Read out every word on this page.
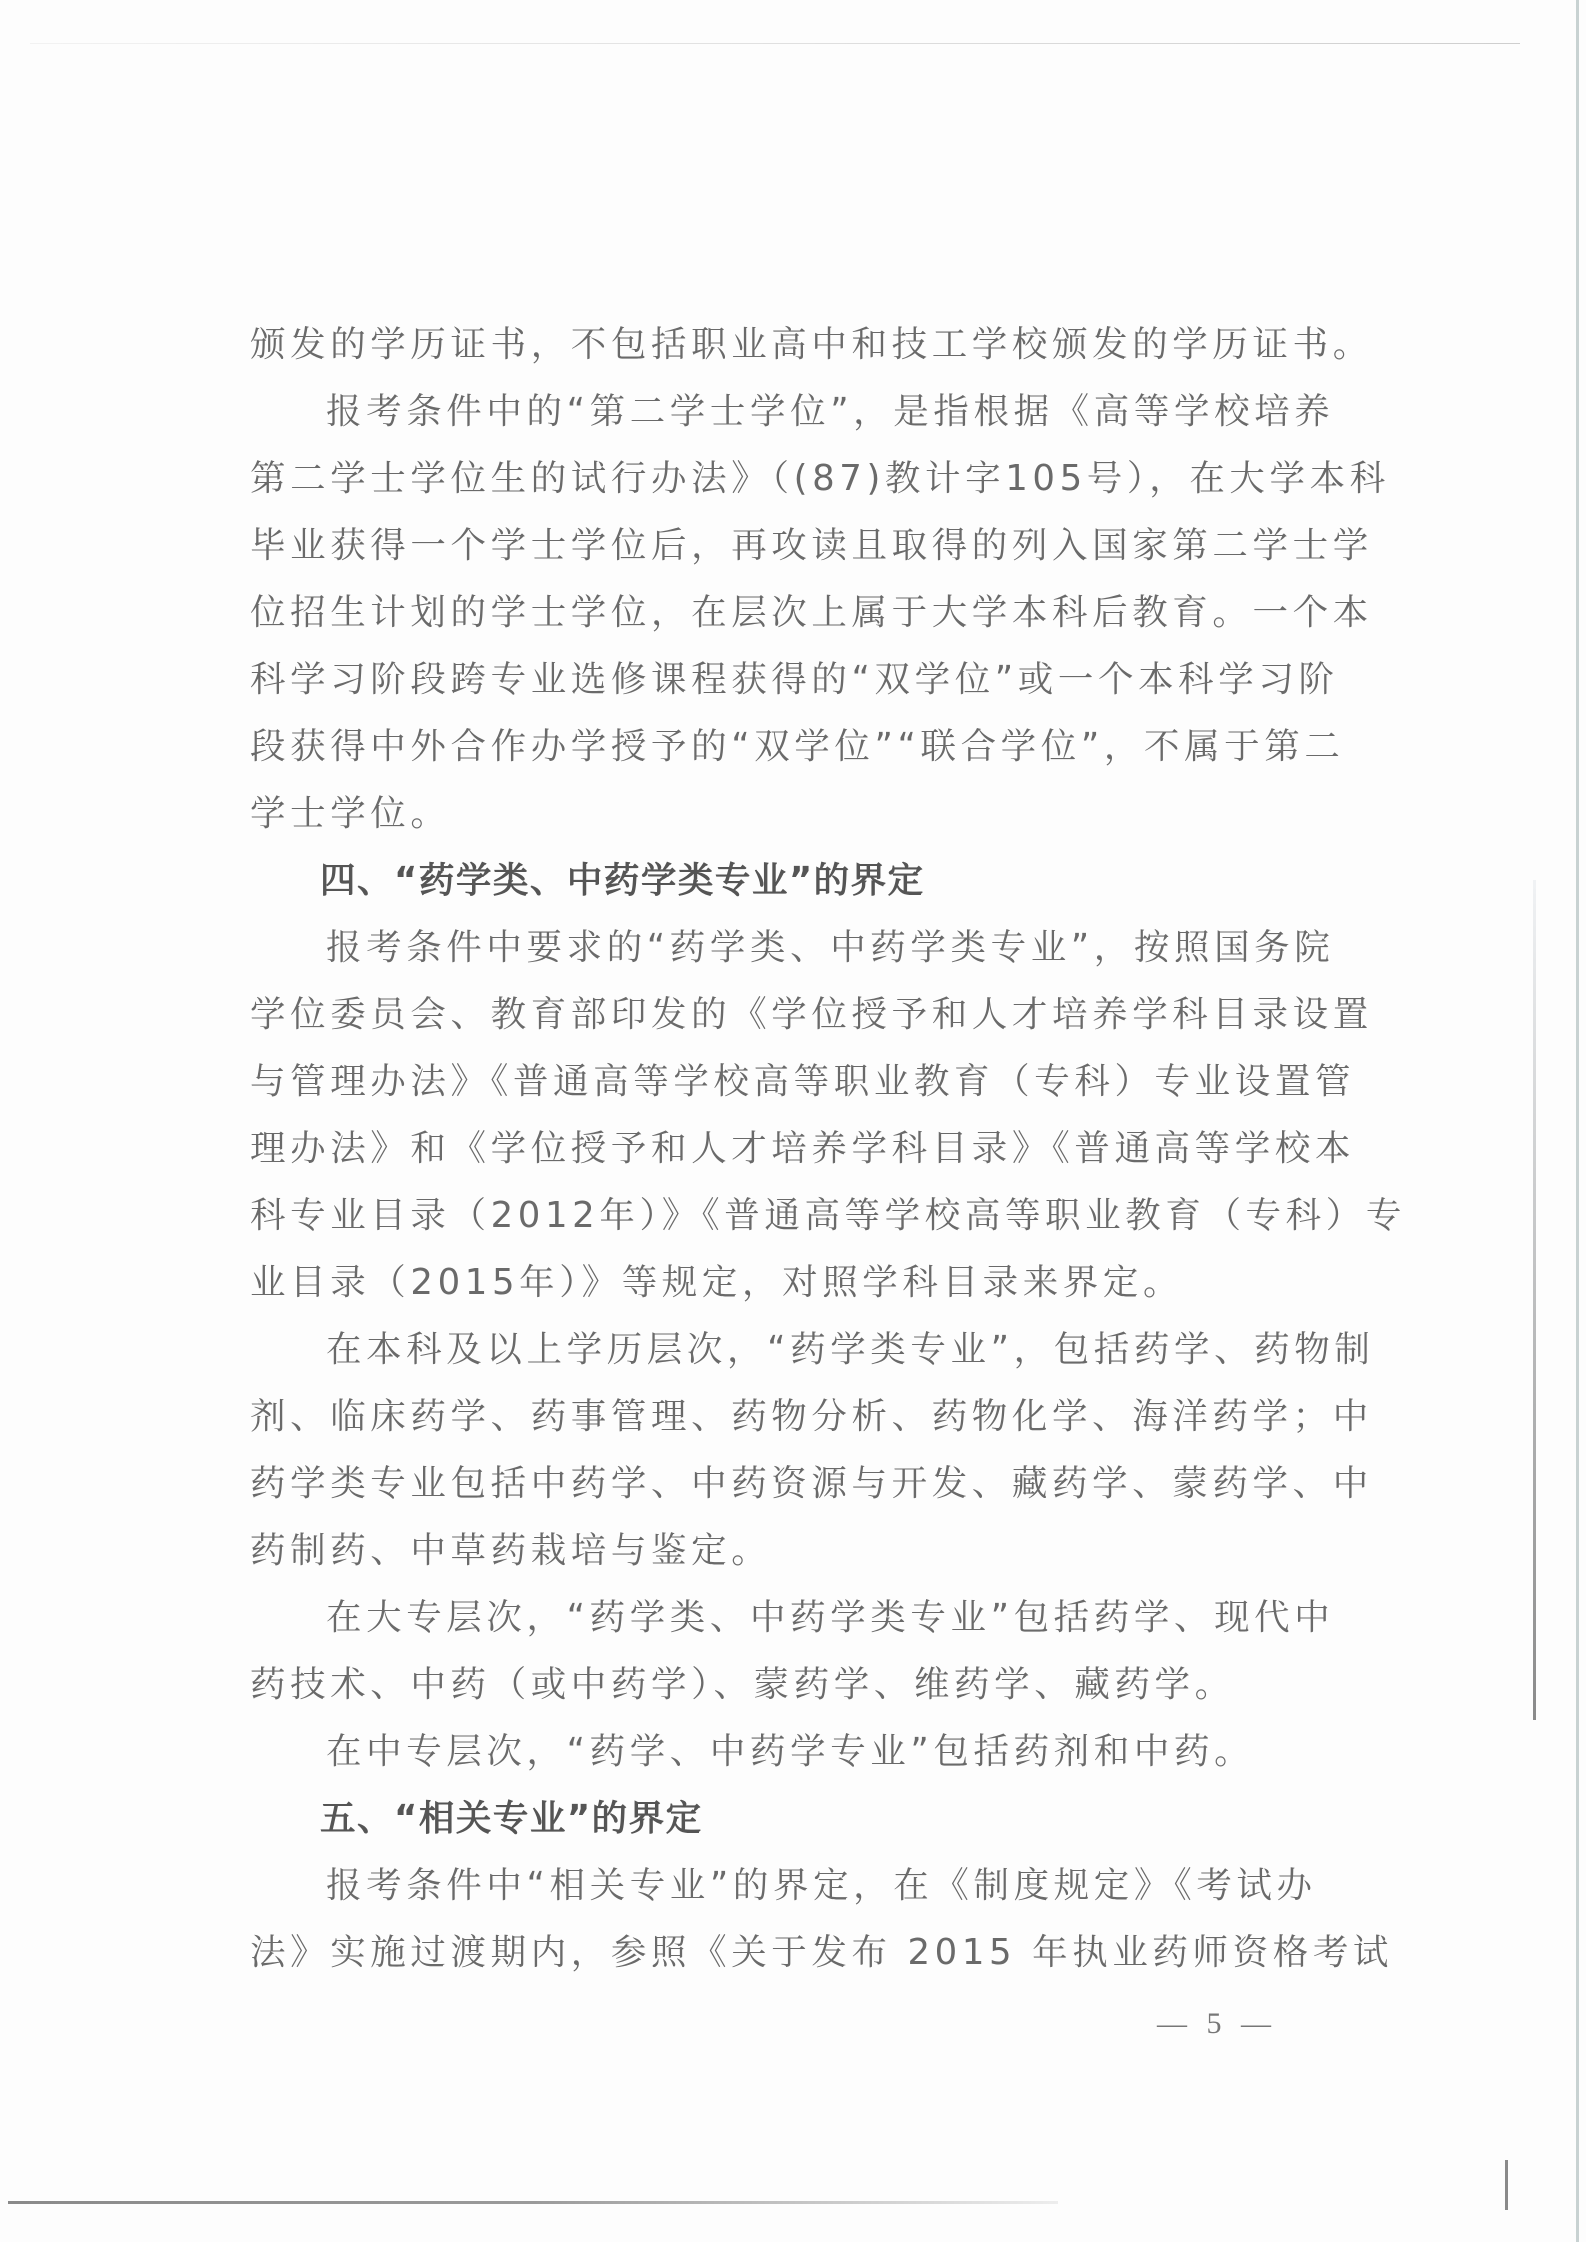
颁发的学历证书，不包括职业高中和技工学校颁发的学历证书。
报考条件中的“第二学士学位”，是指根据《高等学校培养
第二学士学位生的试行办法》（(87)教计字105号），在大学本科
毕业获得一个学士学位后，再攻读且取得的列入国家第二学士学
位招生计划的学士学位，在层次上属于大学本科后教育。一个本
科学习阶段跨专业选修课程获得的“双学位”或一个本科学习阶
段获得中外合作办学授予的“双学位”“联合学位”，不属于第二
学士学位。
四、“药学类、中药学类专业”的界定
报考条件中要求的“药学类、中药学类专业”，按照国务院
学位委员会、教育部印发的《学位授予和人才培养学科目录设置
与管理办法》《普通高等学校高等职业教育（专科）专业设置管
理办法》和《学位授予和人才培养学科目录》《普通高等学校本
科专业目录（2012年）》《普通高等学校高等职业教育（专科）专
业目录（2015年）》等规定，对照学科目录来界定。
在本科及以上学历层次，“药学类专业”，包括药学、药物制
剂、临床药学、药事管理、药物分析、药物化学、海洋药学；中
药学类专业包括中药学、中药资源与开发、藏药学、蒙药学、中
药制药、中草药栽培与鉴定。
在大专层次，“药学类、中药学类专业”包括药学、现代中
药技术、中药（或中药学）、蒙药学、维药学、藏药学。
在中专层次，“药学、中药学专业”包括药剂和中药。
五、“相关专业”的界定
报考条件中“相关专业”的界定，在《制度规定》《考试办
法》实施过渡期内，参照《关于发布 2015 年执业药师资格考试
— 5 —
